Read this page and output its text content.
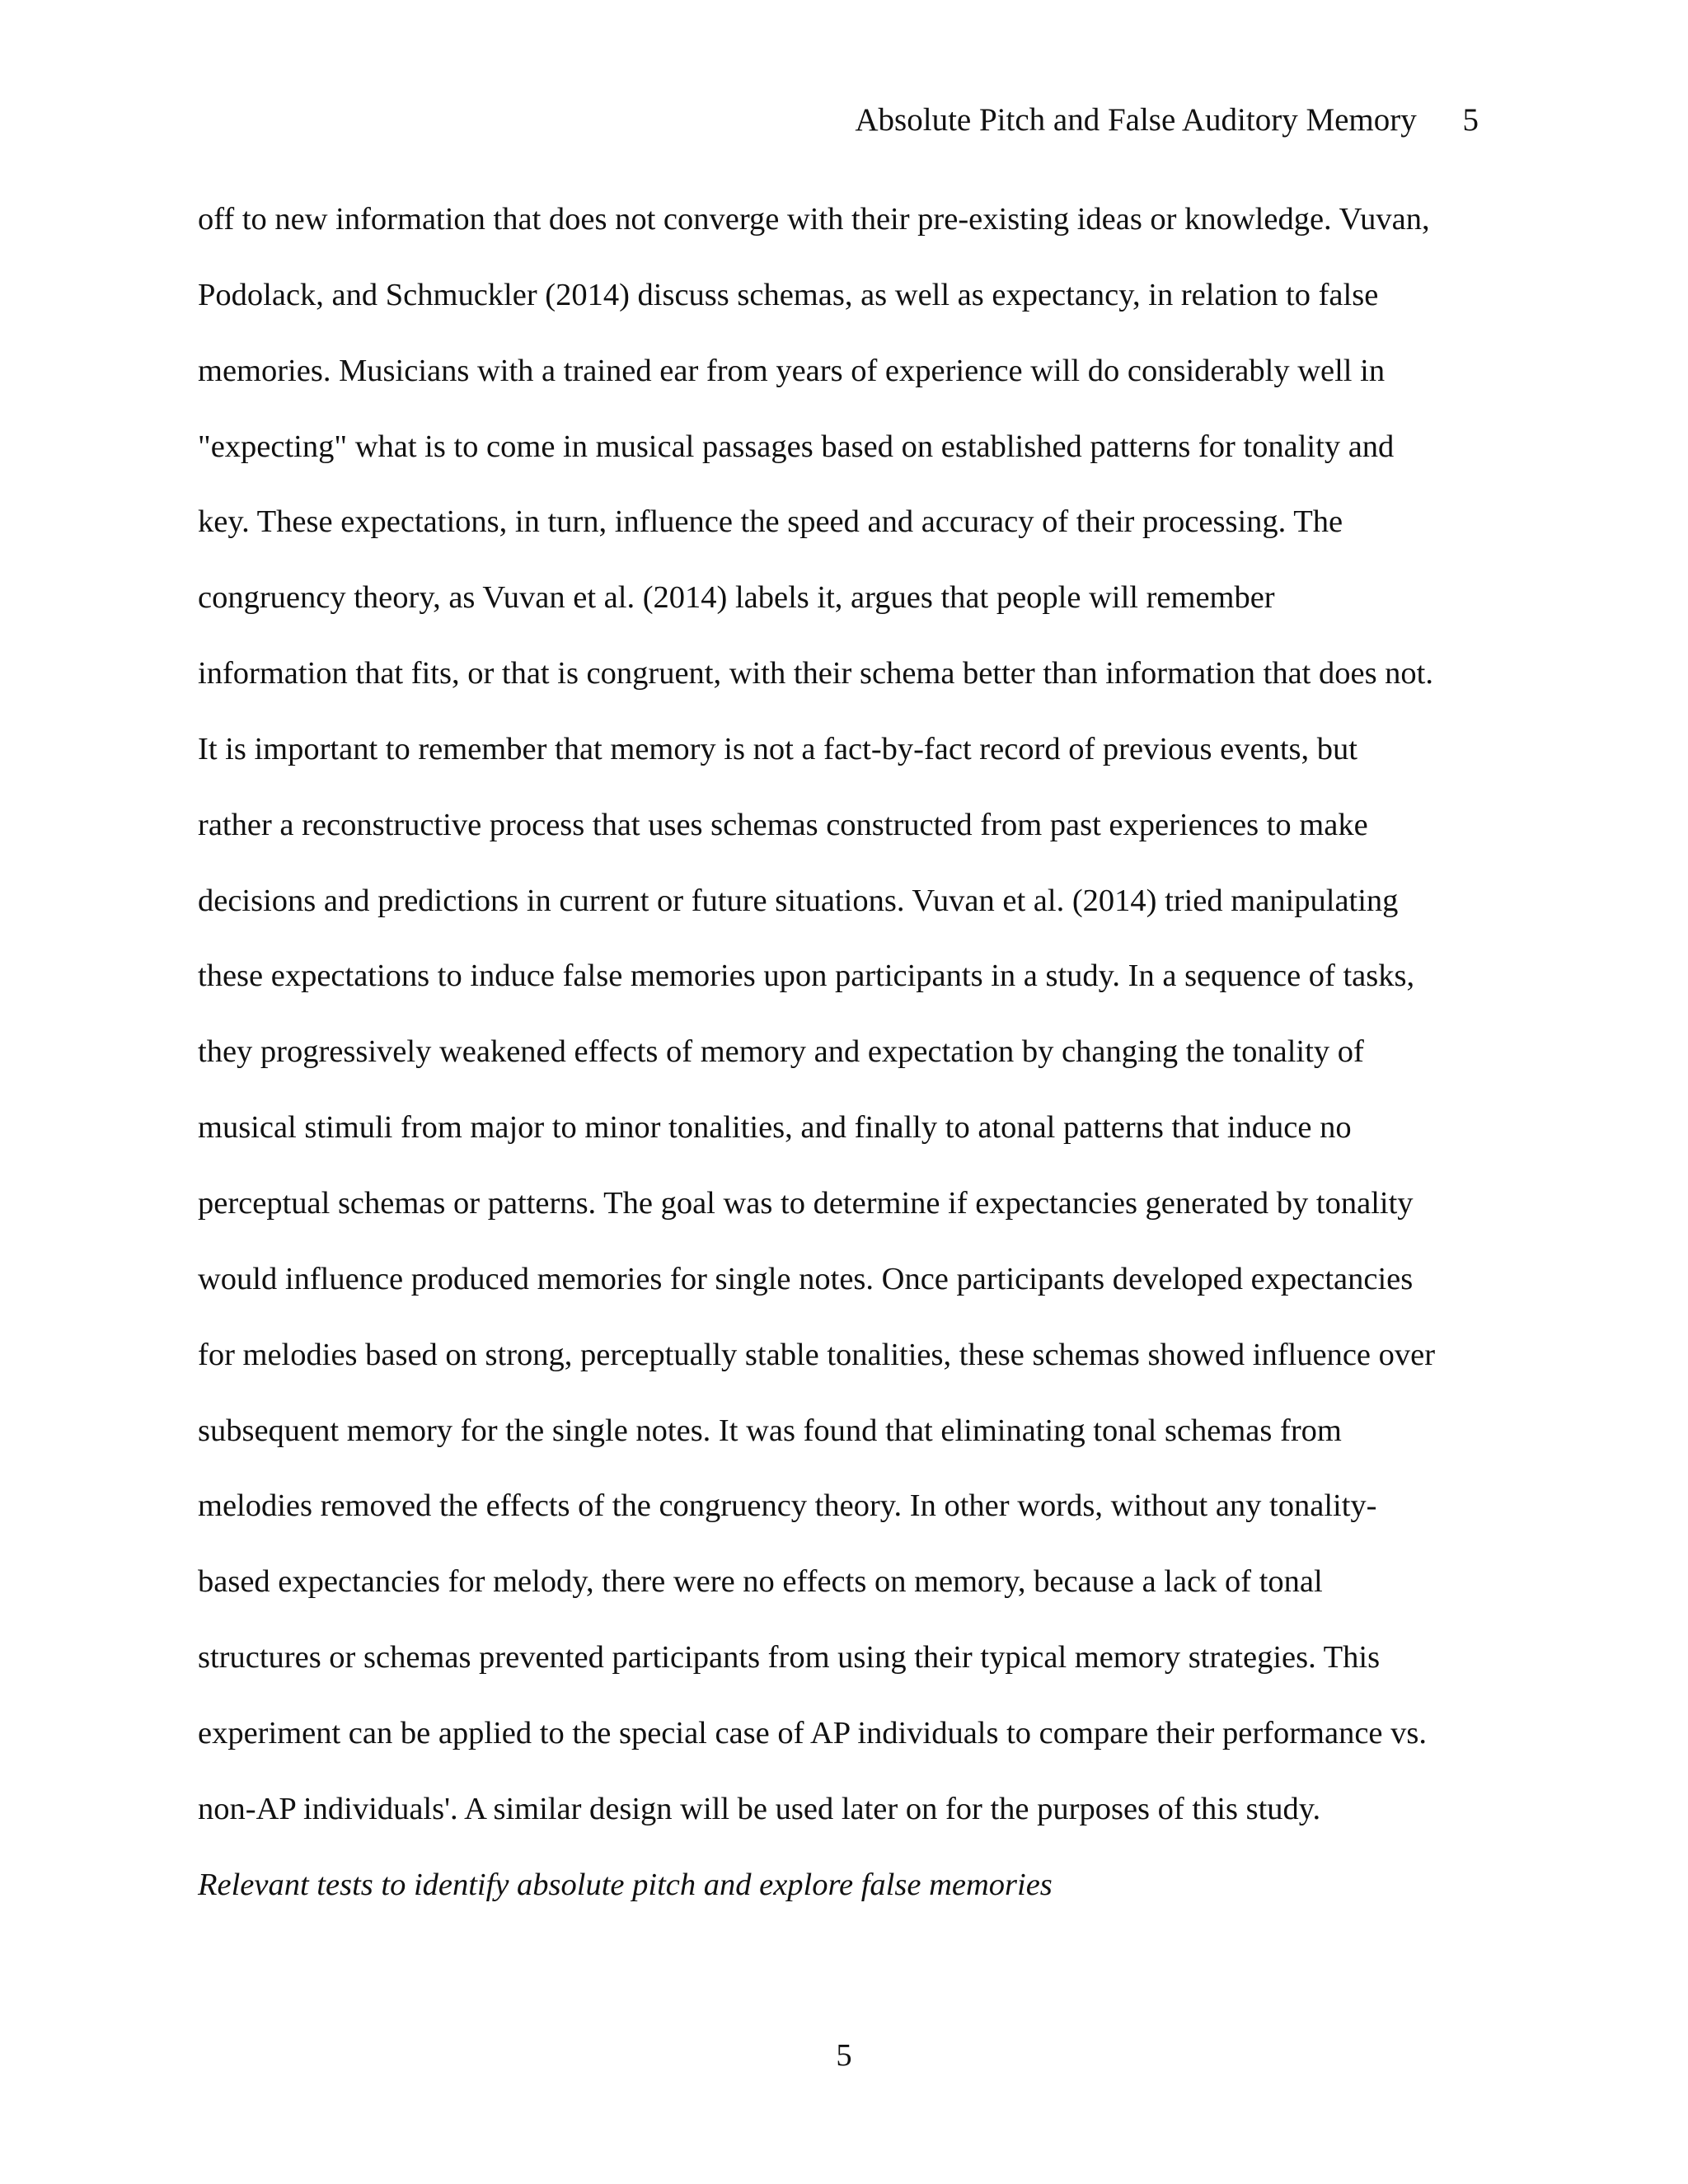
Absolute Pitch and False Auditory Memory 5
off to new information that does not converge with their pre-existing ideas or knowledge. Vuvan,
Podolack, and Schmuckler (2014) discuss schemas, as well as expectancy, in relation to false
memories. Musicians with a trained ear from years of experience will do considerably well in
"expecting" what is to come in musical passages based on established patterns for tonality and
key. These expectations, in turn, influence the speed and accuracy of their processing. The
congruency theory, as Vuvan et al. (2014) labels it, argues that people will remember
information that fits, or that is congruent, with their schema better than information that does not.
It is important to remember that memory is not a fact-by-fact record of previous events, but
rather a reconstructive process that uses schemas constructed from past experiences to make
decisions and predictions in current or future situations. Vuvan et al. (2014) tried manipulating
these expectations to induce false memories upon participants in a study. In a sequence of tasks,
they progressively weakened effects of memory and expectation by changing the tonality of
musical stimuli from major to minor tonalities, and finally to atonal patterns that induce no
perceptual schemas or patterns. The goal was to determine if expectancies generated by tonality
would influence produced memories for single notes. Once participants developed expectancies
for melodies based on strong, perceptually stable tonalities, these schemas showed influence over
subsequent memory for the single notes. It was found that eliminating tonal schemas from
melodies removed the effects of the congruency theory. In other words, without any tonality-
based expectancies for melody, there were no effects on memory, because a lack of tonal
structures or schemas prevented participants from using their typical memory strategies. This
experiment can be applied to the special case of AP individuals to compare their performance vs.
non-AP individuals'. A similar design will be used later on for the purposes of this study.
Relevant tests to identify absolute pitch and explore false memories
5
